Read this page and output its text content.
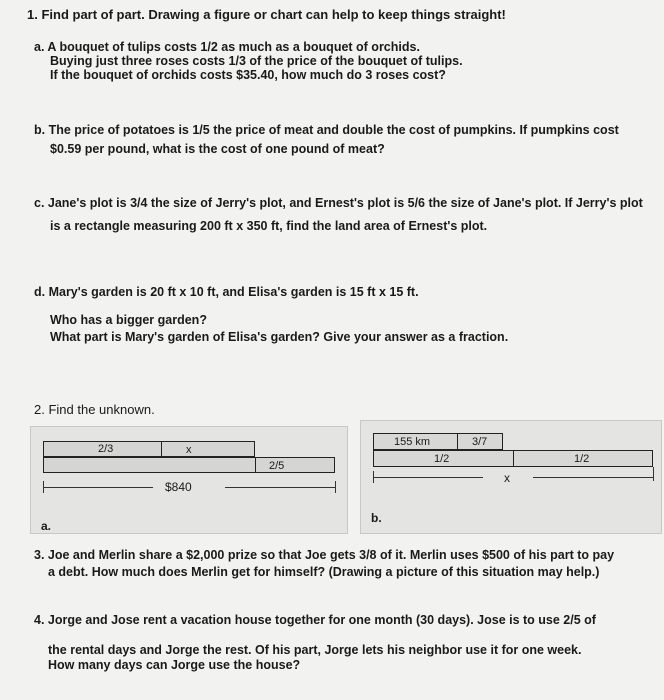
1. Find part of part. Drawing a figure or chart can help to keep things straight!
a. A bouquet of tulips costs 1/2 as much as a bouquet of orchids.
Buying just three roses costs 1/3 of the price of the bouquet of tulips.
If the bouquet of orchids costs $35.40, how much do 3 roses cost?
b. The price of potatoes is 1/5 the price of meat and double the cost of pumpkins. If pumpkins cost
$0.59 per pound, what is the cost of one pound of meat?
c. Jane's plot is 3/4 the size of Jerry's plot, and Ernest's plot is 5/6 the size of Jane's plot. If Jerry's plot
is a rectangle measuring 200 ft x 350 ft, find the land area of Ernest's plot.
d. Mary's garden is 20 ft x 10 ft, and Elisa's garden is 15 ft x 15 ft.
Who has a bigger garden?
What part is Mary's garden of Elisa's garden? Give your answer as a fraction.
2. Find the unknown.
2/3	x
2/5
$840
a.
155 km	3/7
1/2	1/2
x
b.
3. Joe and Merlin share a $2,000 prize so that Joe gets 3/8 of it. Merlin uses $500 of his part to pay
a debt. How much does Merlin get for himself? (Drawing a picture of this situation may help.)
4. Jorge and Jose rent a vacation house together for one month (30 days). Jose is to use 2/5 of
the rental days and Jorge the rest. Of his part, Jorge lets his neighbor use it for one week.
How many days can Jorge use the house?
